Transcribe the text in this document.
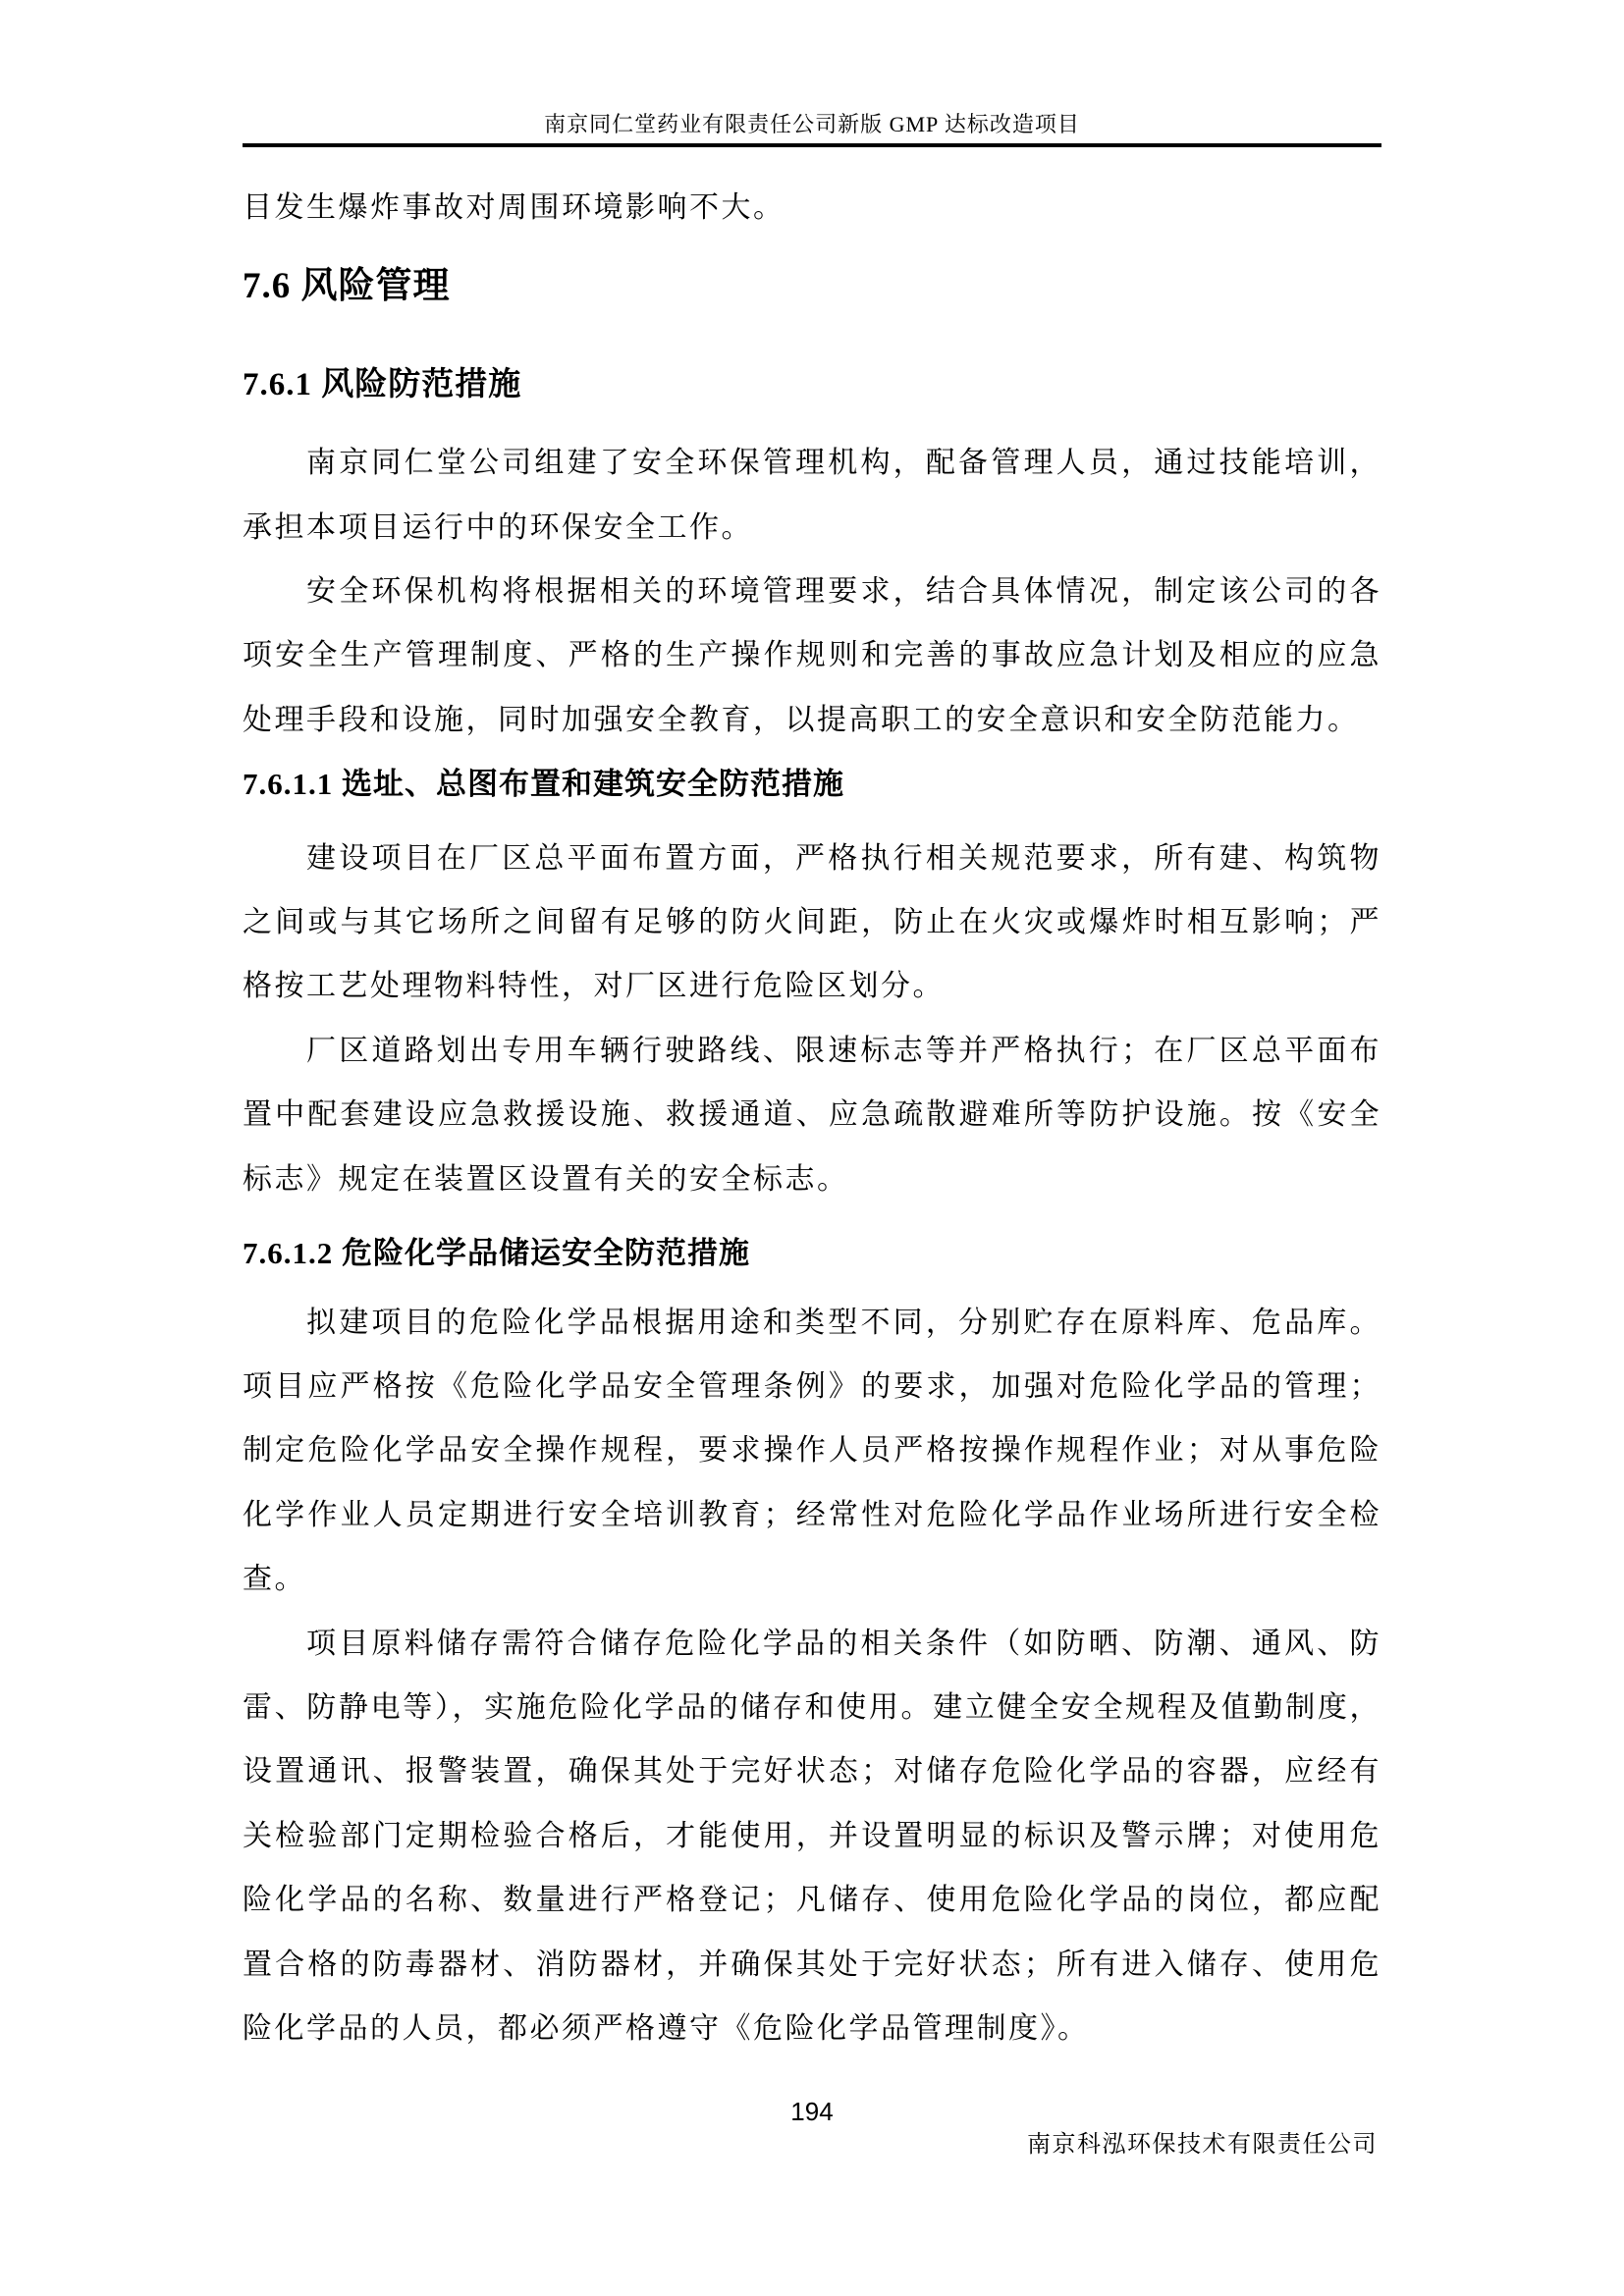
南京同仁堂药业有限责任公司新版 GMP 达标改造项目

目发生爆炸事故对周围环境影响不大。

7.6 风险管理
7.6.1 风险防范措施

南京同仁堂公司组建了安全环保管理机构，配备管理人员，通过技能培训，承担本项目运行中的环保安全工作。

安全环保机构将根据相关的环境管理要求，结合具体情况，制定该公司的各项安全生产管理制度、严格的生产操作规则和完善的事故应急计划及相应的应急处理手段和设施，同时加强安全教育，以提高职工的安全意识和安全防范能力。

7.6.1.1 选址、总图布置和建筑安全防范措施

建设项目在厂区总平面布置方面，严格执行相关规范要求，所有建、构筑物之间或与其它场所之间留有足够的防火间距，防止在火灾或爆炸时相互影响；严格按工艺处理物料特性，对厂区进行危险区划分。

厂区道路划出专用车辆行驶路线、限速标志等并严格执行；在厂区总平面布置中配套建设应急救援设施、救援通道、应急疏散避难所等防护设施。按《安全标志》规定在装置区设置有关的安全标志。

7.6.1.2 危险化学品储运安全防范措施

拟建项目的危险化学品根据用途和类型不同，分别贮存在原料库、危品库。项目应严格按《危险化学品安全管理条例》的要求，加强对危险化学品的管理；制定危险化学品安全操作规程，要求操作人员严格按操作规程作业；对从事危险化学作业人员定期进行安全培训教育；经常性对危险化学品作业场所进行安全检查。

项目原料储存需符合储存危险化学品的相关条件（如防晒、防潮、通风、防雷、防静电等），实施危险化学品的储存和使用。建立健全安全规程及值勤制度，设置通讯、报警装置，确保其处于完好状态；对储存危险化学品的容器，应经有关检验部门定期检验合格后，才能使用，并设置明显的标识及警示牌；对使用危险化学品的名称、数量进行严格登记；凡储存、使用危险化学品的岗位，都应配置合格的防毒器材、消防器材，并确保其处于完好状态；所有进入储存、使用危险化学品的人员，都必须严格遵守《危险化学品管理制度》。

194
南京科泓环保技术有限责任公司
